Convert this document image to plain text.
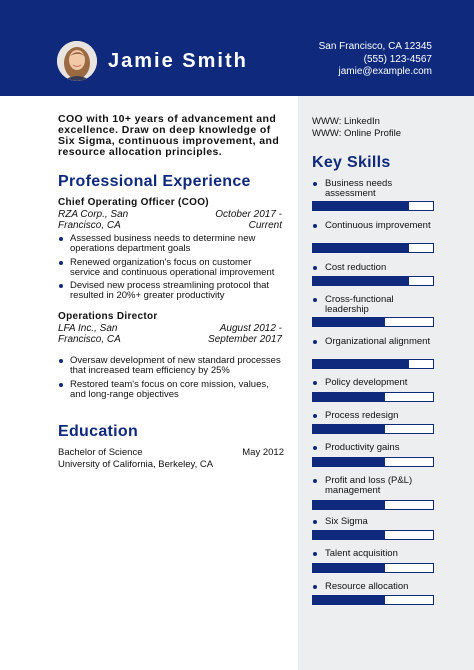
Jamie Smith
San Francisco, CA 12345
(555) 123-4567
jamie@example.com
COO with 10+ years of advancement and excellence. Draw on deep knowledge of Six Sigma, continuous improvement, and resource allocation principles.
Professional Experience
Chief Operating Officer (COO)
RZA Corp., San Francisco, CA
October 2017 - Current
Assessed business needs to determine new operations department goals
Renewed organization's focus on customer service and continuous operational improvement
Devised new process streamlining protocol that resulted in 20%+ greater productivity
Operations Director
LFA Inc., San Francisco, CA
August 2012 - September 2017
Oversaw development of new standard processes that increased team efficiency by 25%
Restored team's focus on core mission, values, and long-range objectives
Education
Bachelor of Science	May 2012
University of California, Berkeley, CA
WWW: LinkedIn
WWW: Online Profile
Key Skills
Business needs assessment
Continuous improvement
Cost reduction
Cross-functional leadership
Organizational alignment
Policy development
Process redesign
Productivity gains
Profit and loss (P&L) management
Six Sigma
Talent acquisition
Resource allocation
